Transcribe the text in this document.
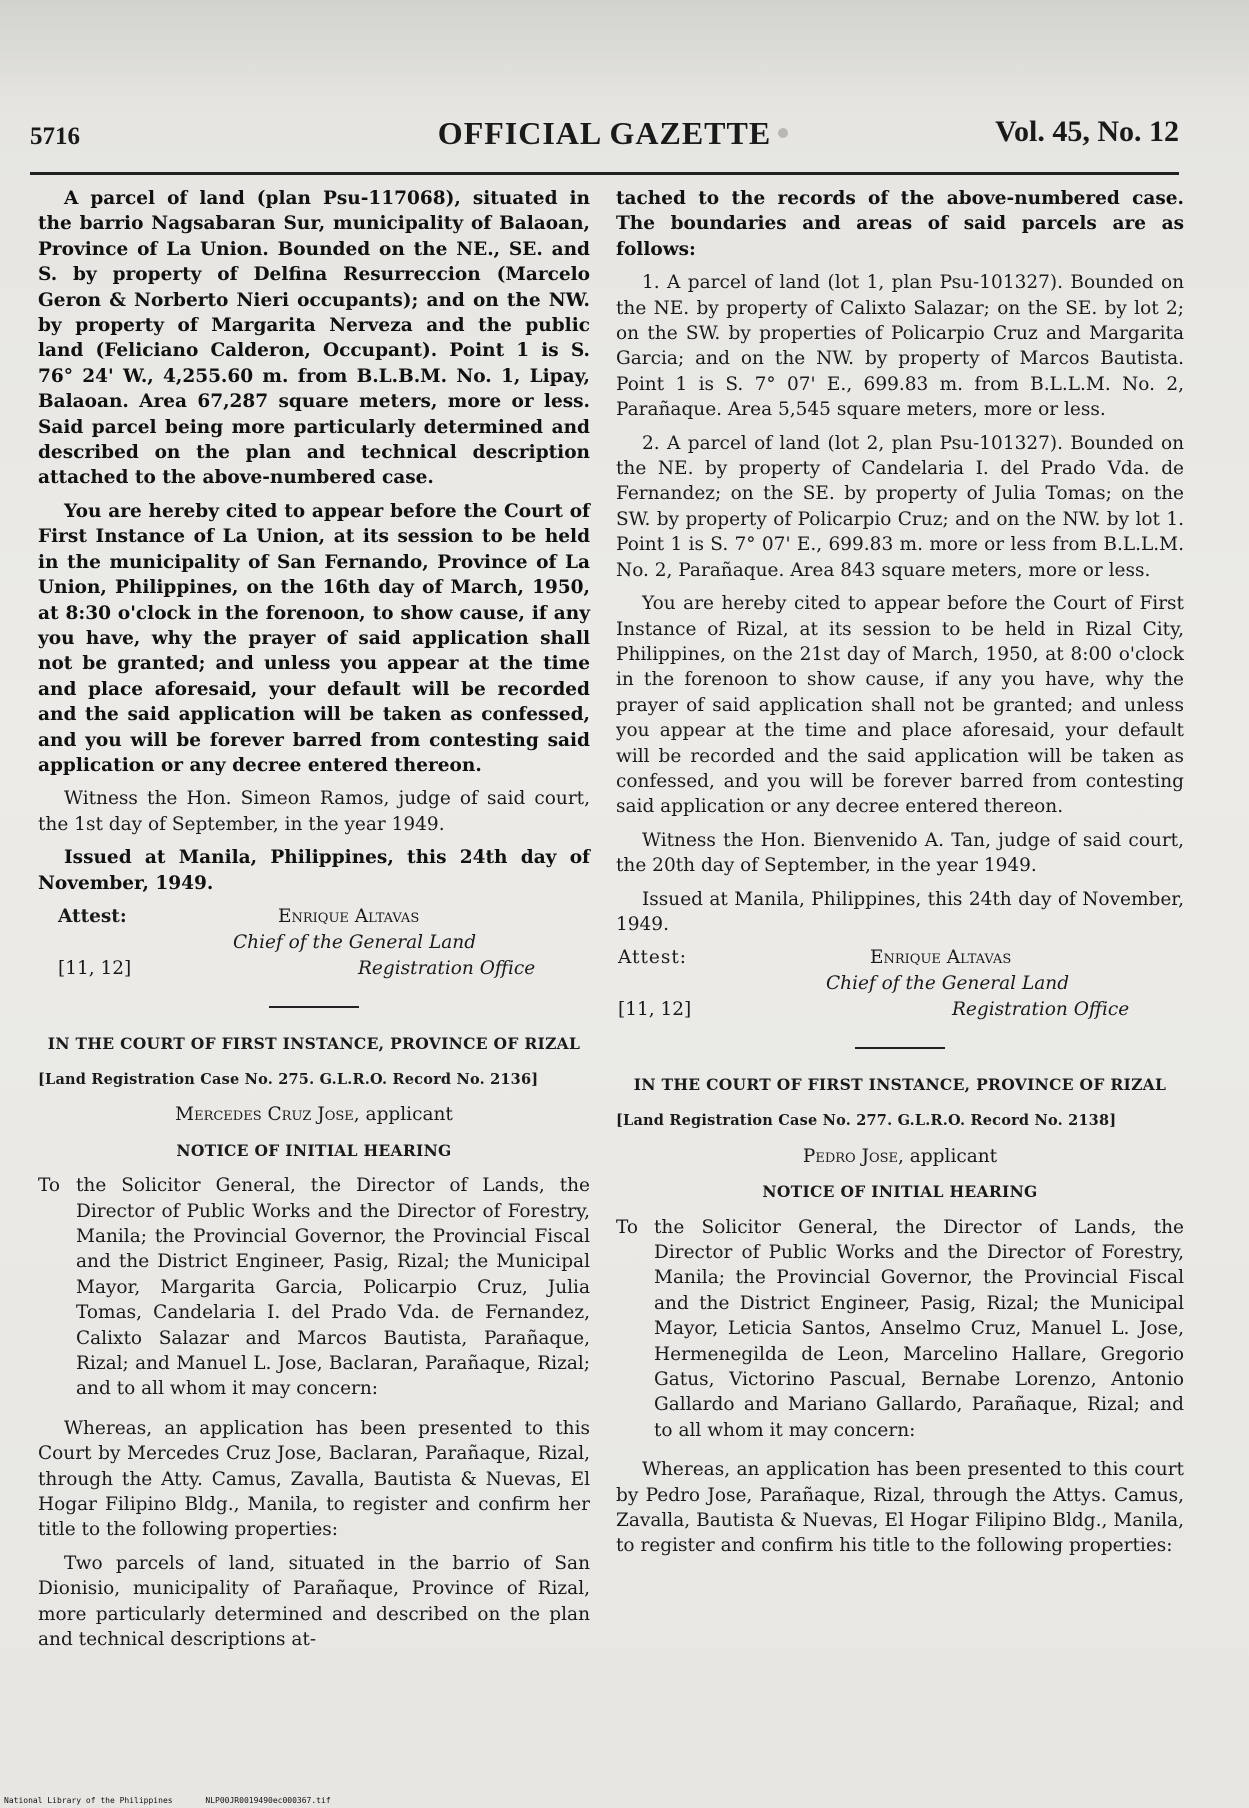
5716	OFFICIAL GAZETTE	Vol. 45, No. 12

A parcel of land (plan Psu-117068), situated in the barrio Nagsabaran Sur, municipality of Balaoan, Province of La Union. Bounded on the NE., SE. and S. by property of Delfina Resurreccion (Marcelo Geron & Norberto Nieri occupants); and on the NW. by property of Margarita Nerveza and the public land (Feliciano Calderon, Occupant). Point 1 is S. 76° 24' W., 4,255.60 m. from B.L.B.M. No. 1, Lipay, Balaoan. Area 67,287 square meters, more or less. Said parcel being more particularly determined and described on the plan and technical description attached to the above-numbered case.

You are hereby cited to appear before the Court of First Instance of La Union, at its session to be held in the municipality of San Fernando, Province of La Union, Philippines, on the 16th day of March, 1950, at 8:30 o'clock in the forenoon, to show cause, if any you have, why the prayer of said application shall not be granted; and unless you appear at the time and place aforesaid, your default will be recorded and the said application will be taken as confessed, and you will be forever barred from contesting said application or any decree entered thereon.

Witness the Hon. Simeon Ramos, judge of said court, the 1st day of September, in the year 1949.

Issued at Manila, Philippines, this 24th day of November, 1949.

Attest:	Enrique Altavas
Chief of the General Land
[11, 12]	Registration Office
IN THE COURT OF FIRST INSTANCE, PROVINCE OF RIZAL
[Land Registration Case No. 275. G.L.R.O. Record No. 2136]
Mercedes Cruz Jose, applicant
NOTICE OF INITIAL HEARING
To the Solicitor General, the Director of Lands, the Director of Public Works and the Director of Forestry, Manila; the Provincial Governor, the Provincial Fiscal and the District Engineer, Pasig, Rizal; the Municipal Mayor, Margarita Garcia, Policarpio Cruz, Julia Tomas, Candelaria I. del Prado Vda. de Fernandez, Calixto Salazar and Marcos Bautista, Parañaque, Rizal; and Manuel L. Jose, Baclaran, Parañaque, Rizal; and to all whom it may concern:

Whereas, an application has been presented to this Court by Mercedes Cruz Jose, Baclaran, Parañaque, Rizal, through the Atty. Camus, Zavalla, Bautista & Nuevas, El Hogar Filipino Bldg., Manila, to register and confirm her title to the following properties:

Two parcels of land, situated in the barrio of San Dionisio, municipality of Parañaque, Province of Rizal, more particularly determined and described on the plan and technical descriptions at-

tached to the records of the above-numbered case. The boundaries and areas of said parcels are as follows:

1. A parcel of land (lot 1, plan Psu-101327). Bounded on the NE. by property of Calixto Salazar; on the SE. by lot 2; on the SW. by properties of Policarpio Cruz and Margarita Garcia; and on the NW. by property of Marcos Bautista. Point 1 is S. 7° 07' E., 699.83 m. from B.L.L.M. No. 2, Parañaque. Area 5,545 square meters, more or less.

2. A parcel of land (lot 2, plan Psu-101327). Bounded on the NE. by property of Candelaria I. del Prado Vda. de Fernandez; on the SE. by property of Julia Tomas; on the SW. by property of Policarpio Cruz; and on the NW. by lot 1. Point 1 is S. 7° 07' E., 699.83 m. more or less from B.L.L.M. No. 2, Parañaque. Area 843 square meters, more or less.

You are hereby cited to appear before the Court of First Instance of Rizal, at its session to be held in Rizal City, Philippines, on the 21st day of March, 1950, at 8:00 o'clock in the forenoon to show cause, if any you have, why the prayer of said application shall not be granted; and unless you appear at the time and place aforesaid, your default will be recorded and the said application will be taken as confessed, and you will be forever barred from contesting said application or any decree entered thereon.

Witness the Hon. Bienvenido A. Tan, judge of said court, the 20th day of September, in the year 1949.

Issued at Manila, Philippines, this 24th day of November, 1949.

Attest:	Enrique Altavas
Chief of the General Land
[11, 12]	Registration Office
IN THE COURT OF FIRST INSTANCE, PROVINCE OF RIZAL
[Land Registration Case No. 277. G.L.R.O. Record No. 2138]
Pedro Jose, applicant
NOTICE OF INITIAL HEARING
To the Solicitor General, the Director of Lands, the Director of Public Works and the Director of Forestry, Manila; the Provincial Governor, the Provincial Fiscal and the District Engineer, Pasig, Rizal; the Municipal Mayor, Leticia Santos, Anselmo Cruz, Manuel L. Jose, Hermenegilda de Leon, Marcelino Hallare, Gregorio Gatus, Victorino Pascual, Bernabe Lorenzo, Antonio Gallardo and Mariano Gallardo, Parañaque, Rizal; and to all whom it may concern:

Whereas, an application has been presented to this court by Pedro Jose, Parañaque, Rizal, through the Attys. Camus, Zavalla, Bautista & Nuevas, El Hogar Filipino Bldg., Manila, to register and confirm his title to the following properties:

National Library of the Philippines	NLP00JR0019490ec000367.tif
